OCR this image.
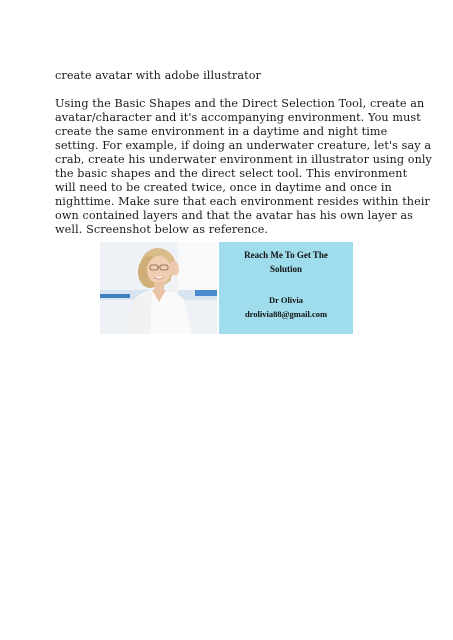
create avatar with adobe illustrator
Using the Basic Shapes and the Direct Selection Tool, create an
avatar/character and it's accompanying environment. You must
create the same environment in a daytime and night time
setting. For example, if doing an underwater creature, let's say a
crab, create his underwater environment in illustrator using only
the basic shapes and the direct select tool. This environment
will need to be created twice, once in daytime and once in
nighttime. Make sure that each environment resides within their
own contained layers and that the avatar has his own layer as
well. Screenshot below as reference.
Reach Me To Get The
Solution
Dr Olivia
drolivia88@gmail.com
